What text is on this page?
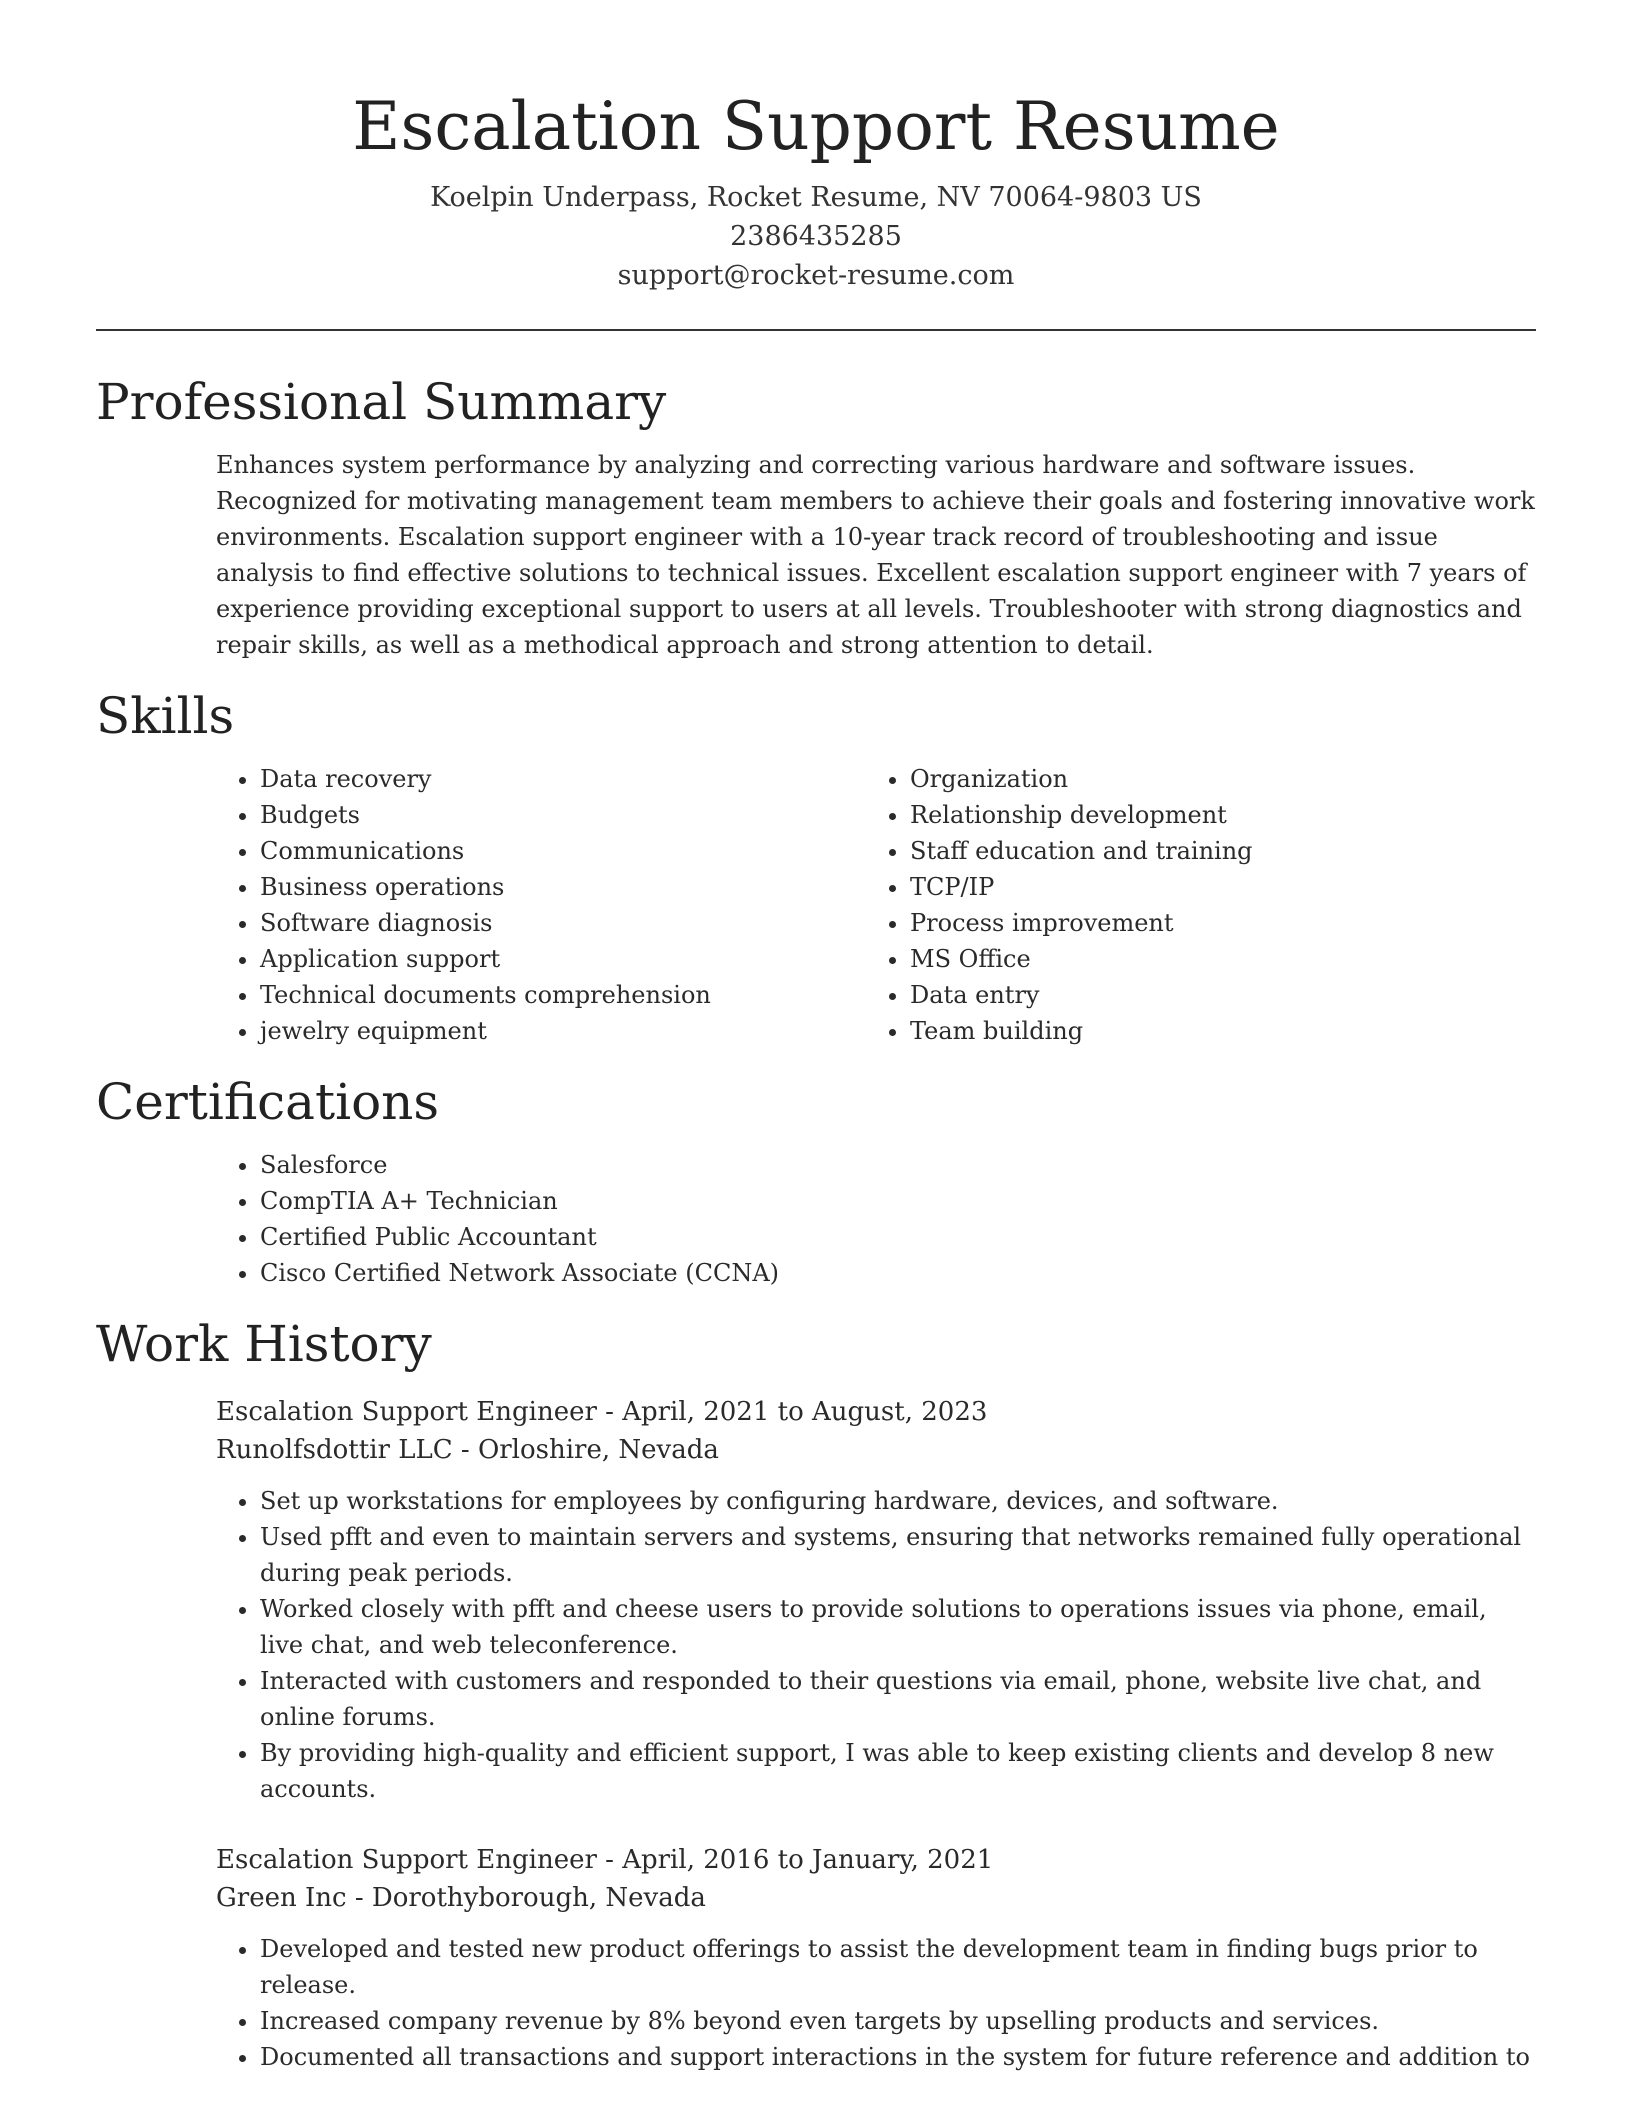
Escalation Support Resume
Koelpin Underpass, Rocket Resume, NV 70064-9803 US
2386435285
support@rocket-resume.com
Professional Summary

Enhances system performance by analyzing and correcting various hardware and software issues. Recognized for motivating management team members to achieve their goals and fostering innovative work environments. Escalation support engineer with a 10-year track record of troubleshooting and issue analysis to find effective solutions to technical issues. Excellent escalation support engineer with 7 years of experience providing exceptional support to users at all levels. Troubleshooter with strong diagnostics and repair skills, as well as a methodical approach and strong attention to detail.

Skills
• Data recovery
• Budgets
• Communications
• Business operations
• Software diagnosis
• Application support
• Technical documents comprehension
• jewelry equipment
• Organization
• Relationship development
• Staff education and training
• TCP/IP
• Process improvement
• MS Office
• Data entry
• Team building
Certifications
• Salesforce
• CompTIA A+ Technician
• Certified Public Accountant
• Cisco Certified Network Associate (CCNA)
Work History
Escalation Support Engineer - April, 2021 to August, 2023
Runolfsdottir LLC - Orloshire, Nevada
• Set up workstations for employees by configuring hardware, devices, and software.
• Used pfft and even to maintain servers and systems, ensuring that networks remained fully operational during peak periods.
• Worked closely with pfft and cheese users to provide solutions to operations issues via phone, email, live chat, and web teleconference.
• Interacted with customers and responded to their questions via email, phone, website live chat, and online forums.
• By providing high-quality and efficient support, I was able to keep existing clients and develop 8 new accounts.
Escalation Support Engineer - April, 2016 to January, 2021
Green Inc - Dorothyborough, Nevada
• Developed and tested new product offerings to assist the development team in finding bugs prior to release.
• Increased company revenue by 8% beyond even targets by upselling products and services.
• Documented all transactions and support interactions in the system for future reference and addition to
